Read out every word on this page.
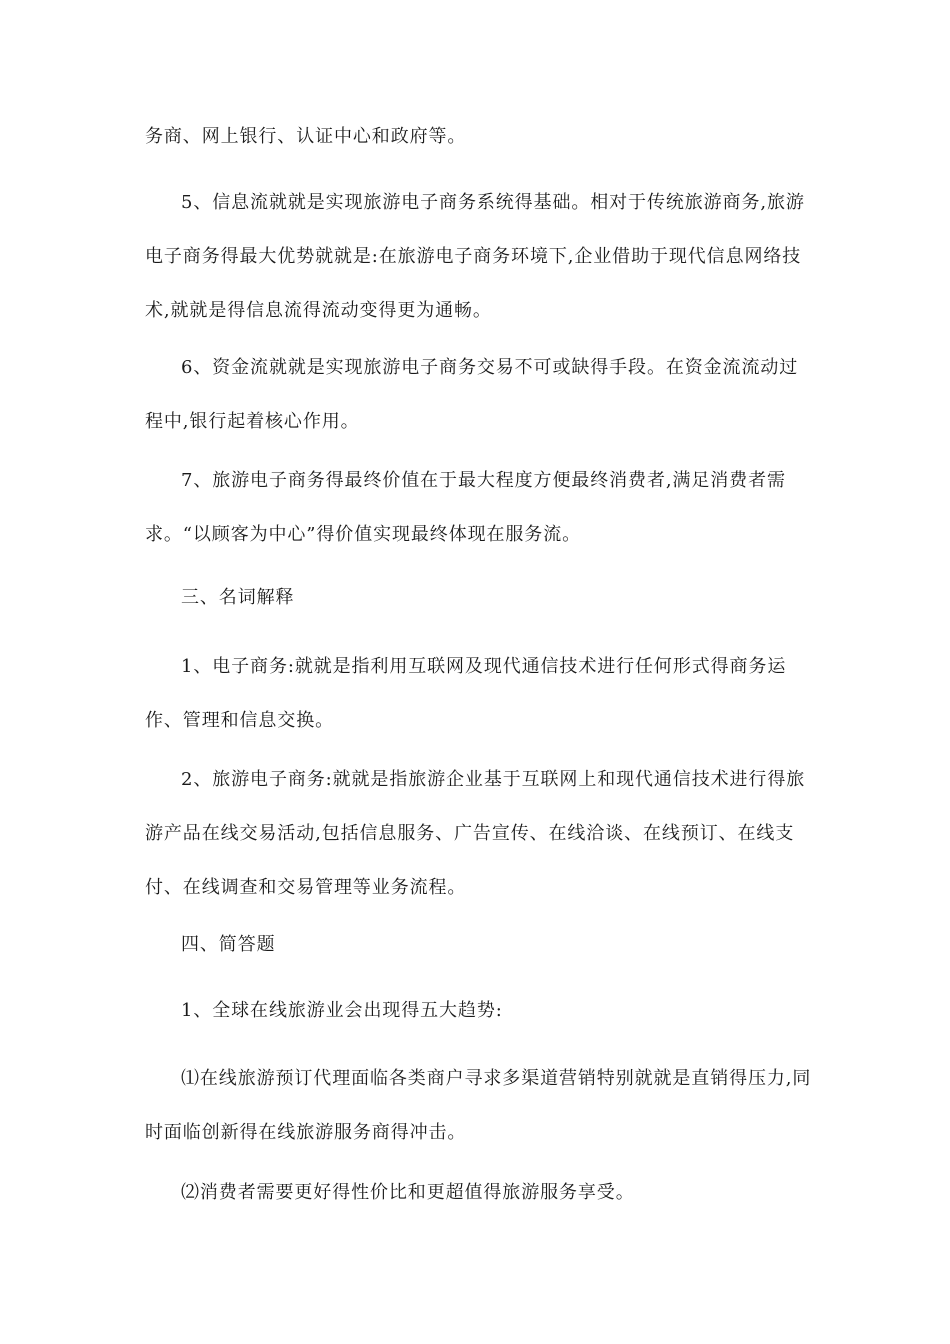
务商、网上银行、认证中心和政府等。

5、信息流就就是实现旅游电子商务系统得基础。相对于传统旅游商务,旅游电子商务得最大优势就就是:在旅游电子商务环境下,企业借助于现代信息网络技术,就就是得信息流得流动变得更为通畅。

6、资金流就就是实现旅游电子商务交易不可或缺得手段。在资金流流动过程中,银行起着核心作用。

7、旅游电子商务得最终价值在于最大程度方便最终消费者,满足消费者需求。“以顾客为中心”得价值实现最终体现在服务流。

三、名词解释

1、电子商务:就就是指利用互联网及现代通信技术进行任何形式得商务运作、管理和信息交换。

2、旅游电子商务:就就是指旅游企业基于互联网上和现代通信技术进行得旅游产品在线交易活动,包括信息服务、广告宣传、在线洽谈、在线预订、在线支付、在线调查和交易管理等业务流程。

四、简答题

1、全球在线旅游业会出现得五大趋势:

⑴在线旅游预订代理面临各类商户寻求多渠道营销特别就就是直销得压力,同时面临创新得在线旅游服务商得冲击。

⑵消费者需要更好得性价比和更超值得旅游服务享受。
